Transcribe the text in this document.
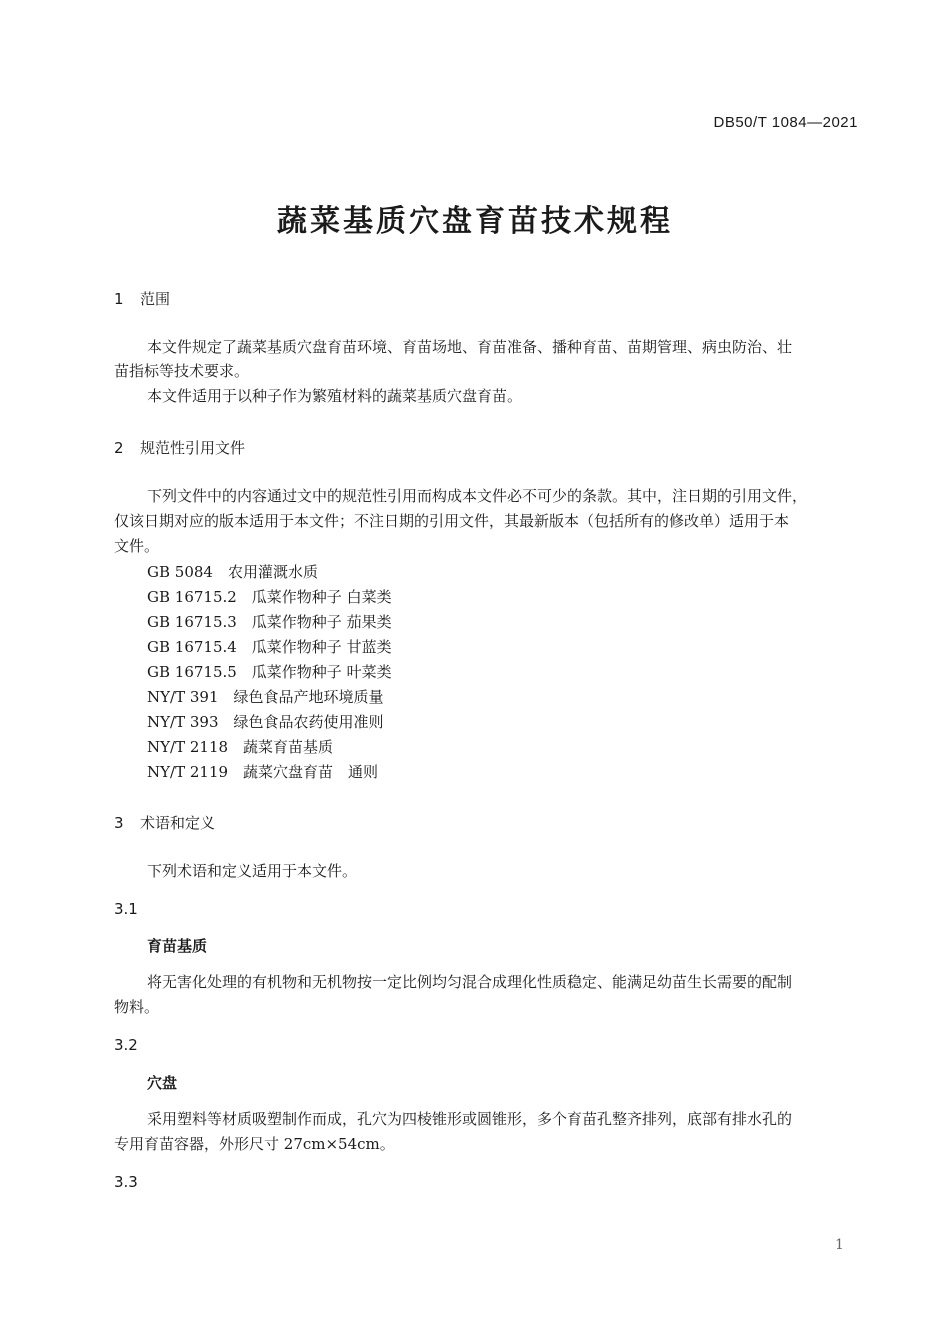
DB50/T 1084—2021
蔬菜基质穴盘育苗技术规程
1 范围
本文件规定了蔬菜基质穴盘育苗环境、育苗场地、育苗准备、播种育苗、苗期管理、病虫防治、壮
苗指标等技术要求。
本文件适用于以种子作为繁殖材料的蔬菜基质穴盘育苗。
2 规范性引用文件
下列文件中的内容通过文中的规范性引用而构成本文件必不可少的条款。其中，注日期的引用文件，
仅该日期对应的版本适用于本文件；不注日期的引用文件，其最新版本（包括所有的修改单）适用于本
文件。
GB 5084　农用灌溉水质
GB 16715.2　瓜菜作物种子 白菜类
GB 16715.3　瓜菜作物种子 茄果类
GB 16715.4　瓜菜作物种子 甘蓝类
GB 16715.5　瓜菜作物种子 叶菜类
NY/T 391　绿色食品产地环境质量
NY/T 393　绿色食品农药使用准则
NY/T 2118　蔬菜育苗基质
NY/T 2119　蔬菜穴盘育苗　通则
3 术语和定义
下列术语和定义适用于本文件。
3.1
育苗基质
将无害化处理的有机物和无机物按一定比例均匀混合成理化性质稳定、能满足幼苗生长需要的配制
物料。
3.2
穴盘
采用塑料等材质吸塑制作而成，孔穴为四棱锥形或圆锥形，多个育苗孔整齐排列，底部有排水孔的
专用育苗容器，外形尺寸 27cm×54cm。
3.3
1
